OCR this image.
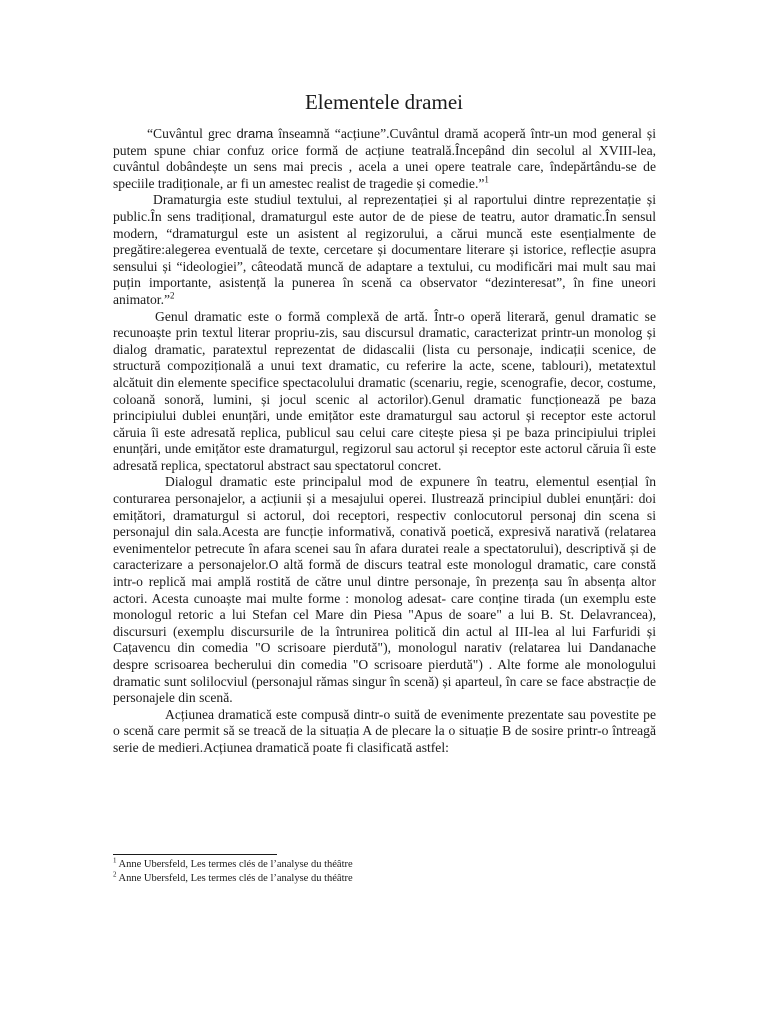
Elementele dramei

“Cuvântul grec drama înseamnă “acțiune”.Cuvântul dramă acoperă într-un mod general și putem spune chiar confuz orice formă de acțiune teatrală.Începând din secolul al XVIII-lea, cuvântul dobândește un sens mai precis , acela a unei opere teatrale care, îndepărtându-se de speciile tradiționale, ar fi un amestec realist de tragedie și comedie.”$^1$

Dramaturgia este studiul textului, al reprezentației și al raportului dintre reprezentație și public.În sens tradițional, dramaturgul este autor de de piese de teatru, autor dramatic.În sensul modern, “dramaturgul este un asistent al regizorului, a cărui muncă este esențialmente de pregătire:alegerea eventuală de texte, cercetare și documentare literare și istorice, reflecție asupra sensului și “ideologiei”, câteodată muncă de adaptare a textului, cu modificări mai mult sau mai puțin importante, asistență la punerea în scenă ca observator “dezinteresat”, în fine uneori animator.”$^2$

Genul dramatic este o formă complexă de artă. Într-o operă literară, genul dramatic se recunoaște prin textul literar propriu-zis, sau discursul dramatic, caracterizat printr-un monolog și dialog dramatic, paratextul reprezentat de didascalii (lista cu personaje, indicații scenice, de structură compozițională a unui text dramatic, cu referire la acte, scene, tablouri), metatextul alcătuit din elemente specifice spectacolului dramatic (scenariu, regie, scenografie, decor, costume, coloană sonoră, lumini, și jocul scenic al actorilor).Genul dramatic funcționează pe baza principiului dublei enunțări, unde emițător este dramaturgul sau actorul și receptor este actorul căruia îi este adresată replica, publicul sau celui care citește piesa și pe baza principiului triplei enunțări, unde emițător este dramaturgul, regizorul sau actorul și receptor este actorul căruia îi este adresată replica, spectatorul abstract sau spectatorul concret.

Dialogul dramatic este principalul mod de expunere în teatru, elementul esențial în conturarea personajelor, a acțiunii și a mesajului operei. Ilustrează principiul dublei enunțări: doi emițători, dramaturgul si actorul, doi receptori, respectiv conlocutorul personaj din scena si personajul din sala.Acesta are funcție informativă, conativă poetică, expresivă narativă (relatarea evenimentelor petrecute în afara scenei sau în afara duratei reale a spectatorului), descriptivă și de caracterizare a personajelor.O altă formă de discurs teatral este monologul dramatic, care constă intr-o replică mai amplă rostită de către unul dintre personaje, în prezența sau în absența altor actori. Acesta cunoaște mai multe forme : monolog adesat- care conține tirada (un exemplu este monologul retoric a lui Stefan cel Mare din Piesa "Apus de soare" a lui B. St. Delavrancea), discursuri (exemplu discursurile de la întrunirea politică din actul al III-lea al lui Farfuridi și Cațavencu din comedia "O scrisoare pierdută"), monologul narativ (relatarea lui Dandanache despre scrisoarea becherului din comedia "O scrisoare pierdută") . Alte forme ale monologului dramatic sunt solilocviul (personajul rămas singur în scenă) și aparteul, în care se face abstracție de personajele din scenă.

Acțiunea dramatică este compusă dintr-o suită de evenimente prezentate sau povestite pe o scenă care permit să se treacă de la situația A de plecare la o situație B de sosire printr-o întreagă serie de medieri.Acțiunea dramatică poate fi clasificată astfel:

$^1$ Anne Ubersfeld, Les termes clés de l’analyse du théâtre

$^2$ Anne Ubersfeld, Les termes clés de l’analyse du théâtre
